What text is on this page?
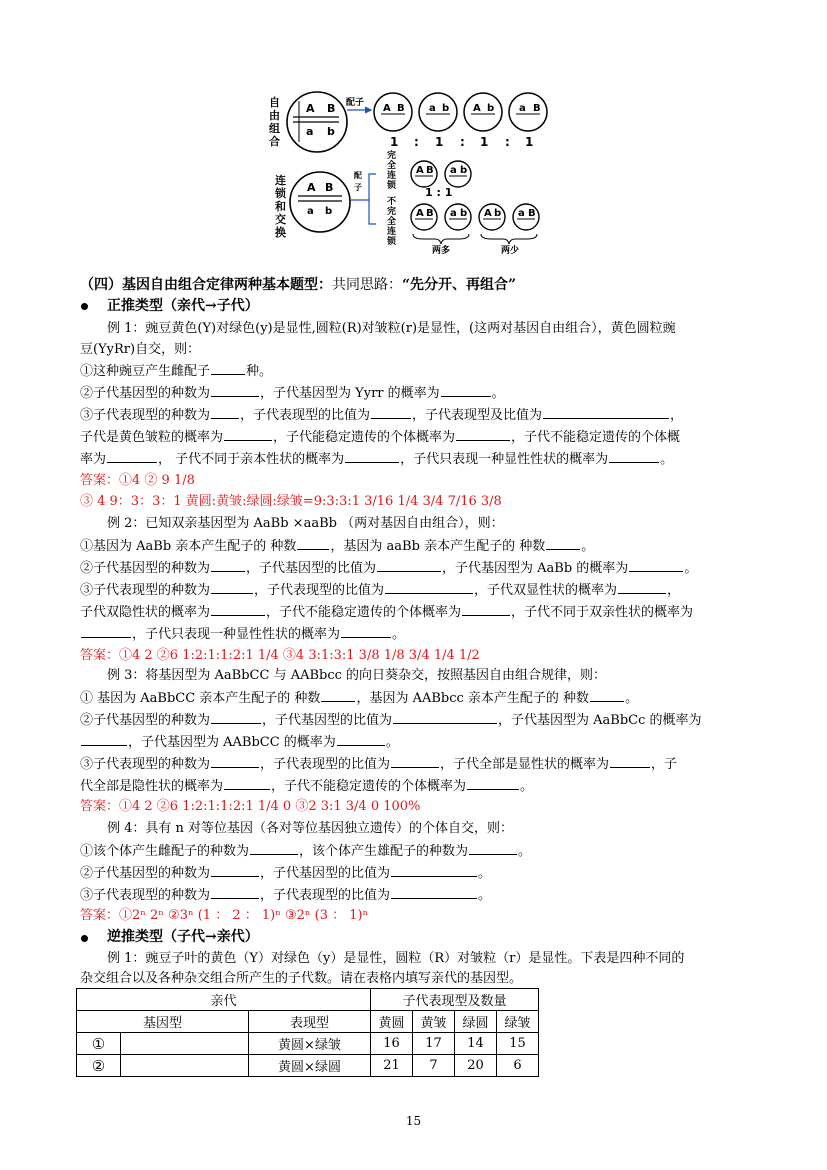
自
由
组
合
A B
a b
配子 A B a b A b a B
1 : 1 : 1 : 1
连
锁
和
交
换
A B
a b
配
子
完
全
连
锁
不
完
全
连
锁
A B a b
1 : 1
A B a b A b a B
两多	两少
（四）基因自由组合定律两种基本题型：共同思路：“先分开、再组合”
正推类型（亲代→子代）
例 1：豌豆黄色(Y)对绿色(y)是显性,圆粒(R)对皱粒(r)是显性，(这两对基因自由组合），黄色圆粒豌
豆(YyRr)自交，则：
①这种豌豆产生雌配子	种。
②子代基因型的种数为	，子代基因型为 Yyrr 的概率为	。
③子代表现型的种数为 ，子代表现型的比值为	，子代表现型及比值为	，
子代是黄色皱粒的概率为	，子代能稳定遗传的个体概率为	，子代不能稳定遗传的个体概
率为	， 子代不同于亲本性状的概率为	，子代只表现一种显性性状的概率为	。
答案：①4 ② 9 1/8
③ 4 9：3：3：1 黄圆:黄皱:绿圆:绿皱=9:3:3:1 3/16 1/4 3/4 7/16 3/8
例 2：已知双亲基因型为 AaBb ×aaBb （两对基因自由组合），则：
①基因为 AaBb 亲本产生配子的 种数	，基因为 aaBb 亲本产生配子的 种数	。
②子代基因型的种数为	，子代基因型的比值为	，子代基因型为 AaBb 的概率为	。
③子代表现型的种数为	，子代表现型的比值为	，子代双显性状的概率为	，
子代双隐性状的概率为	，子代不能稳定遗传的个体概率为	，子代不同于双亲性状的概率为
，子代只表现一种显性性状的概率为	。
答案：①4 2 ②6 1:2:1:1:2:1 1/4 ③4 3:1:3:1 3/8 1/8 3/4 1/4 1/2
例 3：将基因型为 AaBbCC 与 AABbcc 的向日葵杂交，按照基因自由组合规律，则：
① 基因为 AaBbCC 亲本产生配子的 种数	，基因为 AABbcc 亲本产生配子的 种数	。
②子代基因型的种数为	，子代基因型的比值为	，子代基因型为 AaBbCc 的概率为
，子代基因型为 AABbCC 的概率为	。
③子代表现型的种数为	，子代表现型的比值为	，子代全部是显性状的概率为	，子
代全部是隐性状的概率为	，子代不能稳定遗传的个体概率为	。
答案：①4 2 ②6 1:2:1:1:2:1 1/4 0 ③2 3:1 3/4 0 100%
例 4：具有 n 对等位基因（各对等位基因独立遗传）的个体自交，则：
①该个体产生雌配子的种数为	，该个体产生雄配子的种数为	。
②子代基因型的种数为	，子代基因型的比值为	。
③子代表现型的种数为	，子代表现型的比值为	。
答案：①2ⁿ 2ⁿ ②3ⁿ (1 ： 2 ： 1)ⁿ ③2ⁿ (3 ： 1)ⁿ
逆推类型（子代→亲代）
例 1：豌豆子叶的黄色（Y）对绿色（y）是显性，圆粒（R）对皱粒（r）是显性。下表是四种不同的
杂交组合以及各种杂交组合所产生的子代数。请在表格内填写亲代的基因型。
亲代			子代表现型及数量			
基因型		表现型	黄圆	黄皱	绿圆	绿皱
①		黄圆×绿皱	16	17	14	15
②		黄圆×绿圆	21	7	20	6
15
